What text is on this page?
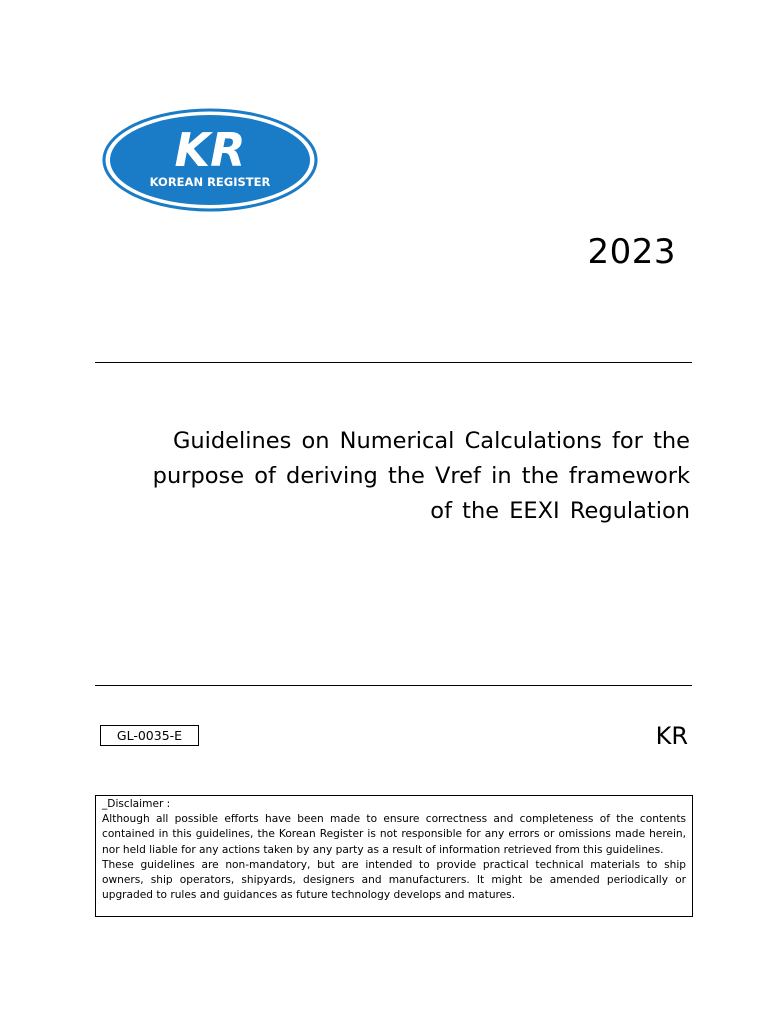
KR
KOREAN REGISTER
2023
Guidelines on Numerical Calculations for the
purpose of deriving the Vref in the framework
of the EEXI Regulation
GL-0035-E	KR

_Disclaimer :

Although all possible efforts have been made to ensure correctness and completeness of the contents contained in this guidelines, the Korean Register is not responsible for any errors or omissions made herein, nor held liable for any actions taken by any party as a result of information retrieved from this guidelines.

These guidelines are non-mandatory, but are intended to provide practical technical materials to ship owners, ship operators, shipyards, designers and manufacturers. It might be amended periodically or upgraded to rules and guidances as future technology develops and matures.
